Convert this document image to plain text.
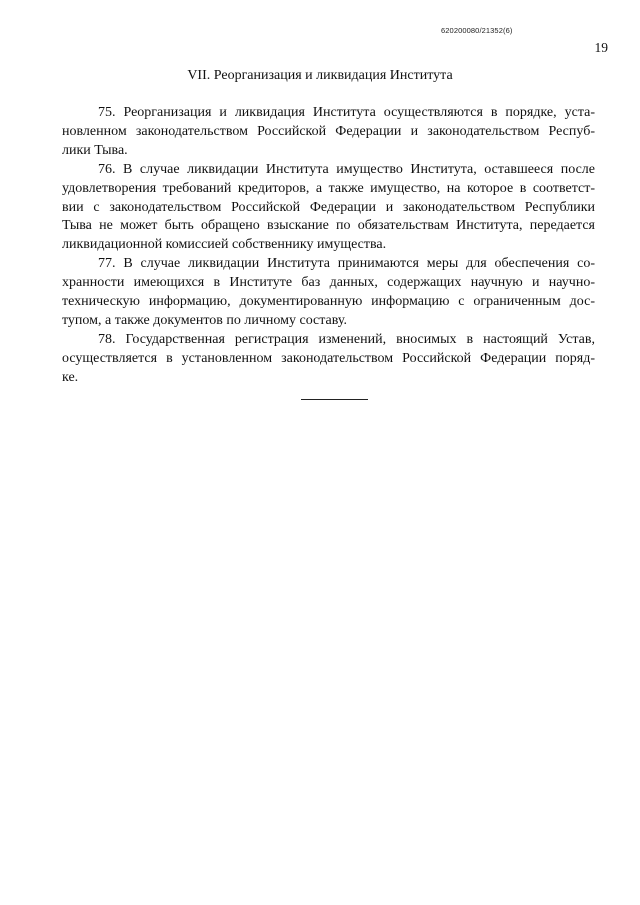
620200080/21352(6)
19
VII. Реорганизация и ликвидация Института
75. Реорганизация и ликвидация Института осуществляются в порядке, уста-
новленном законодательством Российской Федерации и законодательством Респуб-
лики Тыва.
76. В случае ликвидации Института имущество Института, оставшееся после
удовлетворения требований кредиторов, а также имущество, на которое в соответст-
вии с законодательством Российской Федерации и законодательством Республики
Тыва не может быть обращено взыскание по обязательствам Института, передается
ликвидационной комиссией собственнику имущества.
77. В случае ликвидации Института принимаются меры для обеспечения со-
хранности имеющихся в Институте баз данных, содержащих научную и научно-
техническую информацию, документированную информацию с ограниченным дос-
тупом, а также документов по личному составу.
78. Государственная регистрация изменений, вносимых в настоящий Устав,
осуществляется в установленном законодательством Российской Федерации поряд-
ке.
